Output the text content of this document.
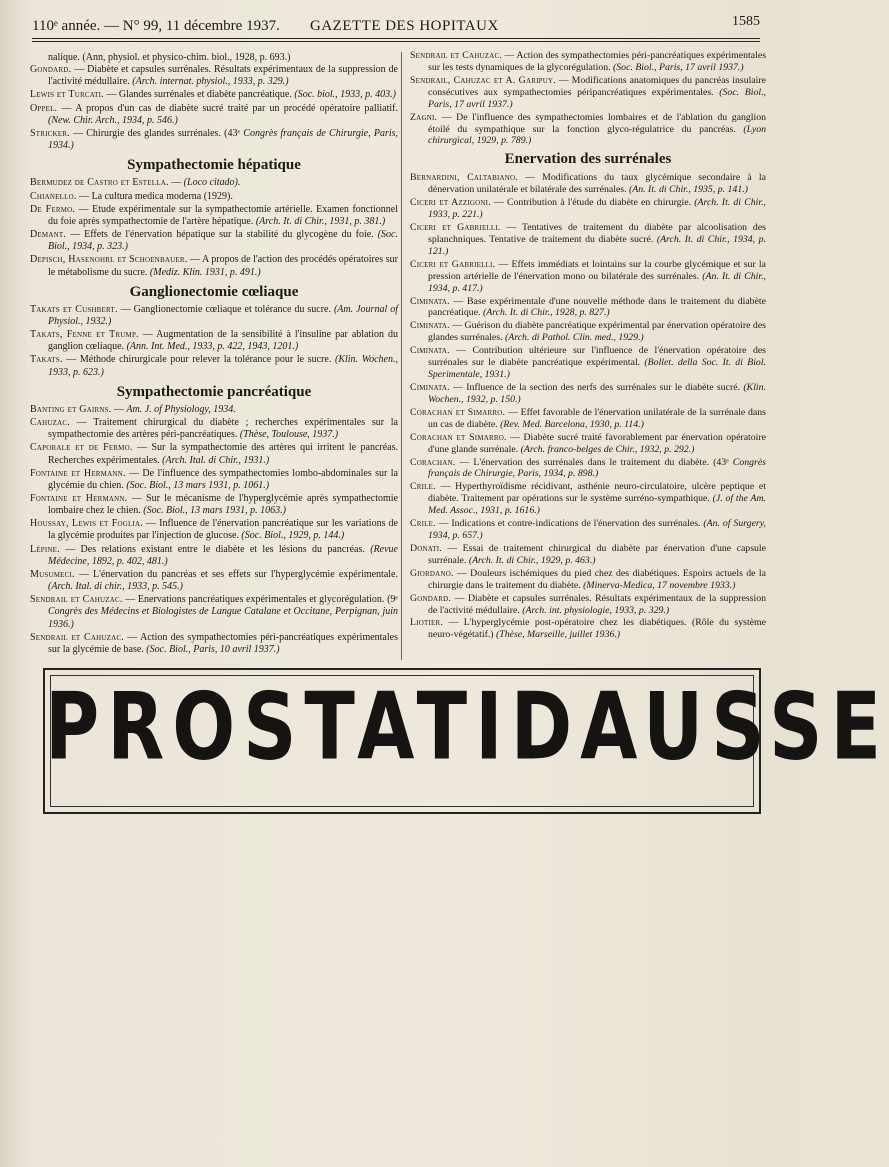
110ᵉ année. — N° 99, 11 décembre 1937. GAZETTE DES HOPITAUX	1585
nalique. (Ann, physiol. et physico-chim. biol., 1928, p. 693.)
Gondard. — Diabète et capsules surrénales. Résultats expérimentaux de la suppression de l'activité médullaire. (Arch. internat. physiol., 1933, p. 329.)
Lewis et Turcati. — Glandes surrénales et diabète pancréatique. (Soc. biol., 1933, p. 403.)
Oppel. — A propos d'un cas de diabète sucré traité par un procédé opératoire palliatif. (New. Chir. Arch., 1934, p. 546.)
Stricker. — Chirurgie des glandes surrénales. (43ᵉ Congrès français de Chirurgie, Paris, 1934.)
Sympathectomie hépatique
Bermudez de Castro et Estella. — (Loco citado).
Chianello. — La cultura medica moderna (1929).
De Fermo. — Etude expérimentale sur la sympathectomie artérielle. Examen fonctionnel du foie après sympathectomie de l'artère hépatique. (Arch. It. di Chir., 1931, p. 381.)
Demant. — Effets de l'énervation hépatique sur la stabilité du glycogène du foie. (Soc. Biol., 1934, p. 323.)
Depisch, Hasenohrl et Schoenbauer. — A propos de l'action des procédés opératoires sur le métabolisme du sucre. (Mediz. Klin. 1931, p. 491.)
Ganglionectomie cœliaque
Takats et Cushbert. — Ganglionectomie cœliaque et tolérance du sucre. (Am. Journal of Physiol., 1932.)
Takats, Fenne et Trump. — Augmentation de la sensibilité à l'insuline par ablation du ganglion cœliaque. (Ann. Int. Med., 1933, p. 422, 1943, 1201.)
Takats. — Méthode chirurgicale pour relever la tolérance pour le sucre. (Klin. Wochen., 1933, p. 623.)
Sympathectomie pancréatique
Banting et Gairns. — Am. J. of Physiology, 1934.
Cahuzac. — Traitement chirurgical du diabète ; recherches expérimentales sur la sympathectomie des artères péri-pancréatiques. (Thèse, Toulouse, 1937.)
Caporale et de Fermo. — Sur la sympathectomie des artères qui irritent le pancréas. Recherches expérimentales. (Arch. Ital. di Chir., 1931.)
Fontaine et Hermann. — De l'influence des sympathectomies lombo-abdominales sur la glycémie du chien. (Soc. Biol., 13 mars 1931, p. 1061.)
Fontaine et Hermann. — Sur le mécanisme de l'hyperglycémie après sympathectomie lombaire chez le chien. (Soc. Biol., 13 mars 1931, p. 1063.)
Houssay, Lewis et Foglia. — Influence de l'énervation pancréatique sur les variations de la glycémie produites par l'injection de glucose. (Soc. Biol., 1929, p. 144.)
Lépine. — Des relations existant entre le diabète et les lésions du pancréas. (Revue Médecine, 1892, p. 402, 481.)
Musumeci. — L'énervation du pancréas et ses effets sur l'hyperglycémie expérimentale. (Arch. Ital. di chir., 1933, p. 545.)
Sendrail et Cahuzac. — Enervations pancréatiques expérimentales et glycorégulation. (9ᵉ Congrès des Médecins et Biologistes de Langue Catalane et Occitane, Perpignan, juin 1936.)
Sendrail et Cahuzac. — Action des sympathectomies péri-pancréatiques expérimentales sur la glycémie de base. (Soc. Biol., Paris, 10 avril 1937.)
Sendrail et Cahuzac. — Action des sympathectomies péri-pancréatiques expérimentales sur les tests dynamiques de la glycorégulation. (Soc. Biol., Paris, 17 avril 1937.)
Sendrail, Cahuzac et A. Garipuy. — Modifications anatomiques du pancréas insulaire consécutives aux sympathectomies péripancréatiques expérimentales. (Soc. Biol., Paris, 17 avril 1937.)
Zagni. — De l'influence des sympathectomies lombaires et de l'ablation du ganglion étoilé du sympathique sur la fonction glyco-régulatrice du pancréas. (Lyon chirurgical, 1929, p. 789.)
Enervation des surrénales
Bernardini, Caltabiano. — Modifications du taux glycémique secondaire à la dénervation unilatérale et bilatérale des surrénales. (An. It. di Chir., 1935, p. 141.)
Ciceri et Azzigoni. — Contribution à l'étude du diabète en chirurgie. (Arch. It. di Chir., 1933, p. 221.)
Ciceri et Gabrielli. — Tentatives de traitement du diabète par alcoolisation des splanchniques. Tentative de traitement du diabète sucré. (Arch. It. di Chir., 1934, p. 121.)
Ciceri et Gabrielli. — Effets immédiats et lointains sur la courbe glycémique et sur la pression artérielle de l'énervation mono ou bilatérale des surrénales. (An. It. di Chir., 1934, p. 417.)
Ciminata. — Base expérimentale d'une nouvelle méthode dans le traitement du diabète pancréatique. (Arch. It. di Chir., 1928, p. 827.)
Ciminata. — Guérison du diabète pancréatique expérimental par énervation opératoire des glandes surrénales. (Arch. di Pathol. Clin. med., 1929.)
Ciminata. — Contribution ultérieure sur l'influence de l'énervation opératoire des surrénales sur le diabète pancréatique expérimental. (Bollet. della Soc. It. di Biol. Sperimentale, 1931.)
Ciminata. — Influence de la section des nerfs des surrénales sur le diabète sucré. (Klin. Wochen., 1932, p. 150.)
Corachan et Simarro. — Effet favorable de l'énervation unilatérale de la surrénale dans un cas de diabète. (Rev. Med. Barcelona, 1930, p. 114.)
Corachan et Simarro. — Diabète sucré traité favorablement par énervation opératoire d'une glande surrénale. (Arch. franco-belges de Chir., 1932, p. 292.)
Corachan. — L'énervation des surrénales dans le traitement du diabète. (43ᵉ Congrès français de Chirurgie, Paris, 1934, p. 898.)
Crile. — Hyperthyroïdisme récidivant, asthénie neuro-circulatoire, ulcère peptique et diabète. Traitement par opérations sur le système surréno-sympathique. (J. of the Am. Med. Assoc., 1931, p. 1616.)
Crile. — Indications et contre-indications de l'énervation des surrénales. (An. of Surgery, 1934, p. 657.)
Donati. — Essai de traitement chirurgical du diabète par énervation d'une capsule surrénale. (Arch. It. di Chir., 1929, p. 463.)
Giordano. — Douleurs ischémiques du pied chez des diabétiques. Espoirs actuels de la chirurgie dans le traitement du diabète. (Minerva-Medica, 17 novembre 1933.)
Gondard. — Diabète et capsules surrénales. Résultats expérimentaux de la suppression de l'activité médullaire. (Arch. int. physiologie, 1933, p. 329.)
Liotier. — L'hyperglycémie post-opératoire chez les diabétiques. (Rôle du système neuro-végétatif.) (Thèse, Marseille, juillet 1936.)
PROSTATIDAUSSE
